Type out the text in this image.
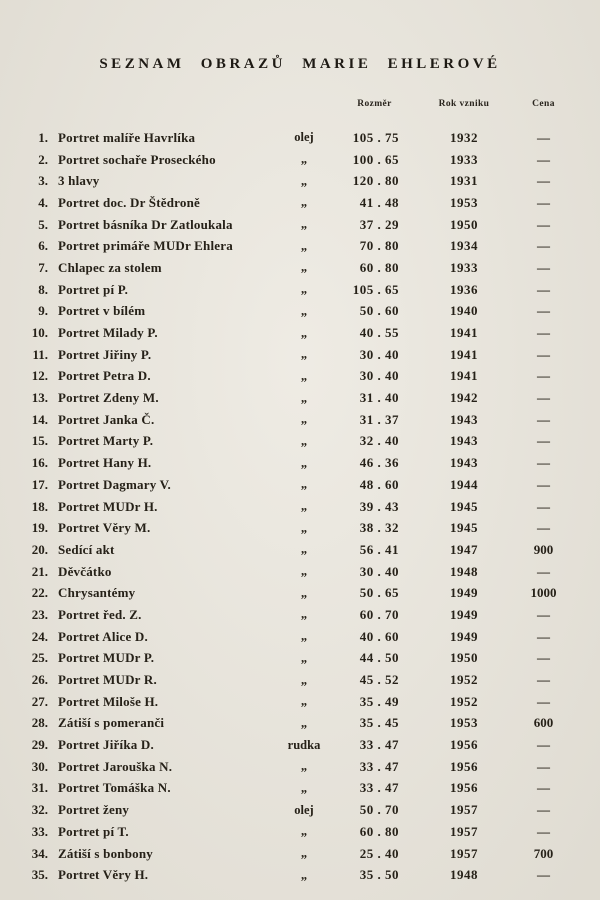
SEZNAM OBRAZŮ MARIE EHLEROVÉ
			Rozměr	Rok vzniku	Cena
1.	Portret malíře Havrlíka	olej	105 . 75	1932	—
2.	Portret sochaře Proseckého	„	100 . 65	1933	—
3.	3 hlavy	„	120 . 80	1931	—
4.	Portret doc. Dr Štědroně	„	41 . 48	1953	—
5.	Portret básníka Dr Zatloukala	„	37 . 29	1950	—
6.	Portret primáře MUDr Ehlera	„	70 . 80	1934	—
7.	Chlapec za stolem	„	60 . 80	1933	—
8.	Portret pí P.	„	105 . 65	1936	—
9.	Portret v bílém	„	50 . 60	1940	—
10.	Portret Milady P.	„	40 . 55	1941	—
11.	Portret Jiřiny P.	„	30 . 40	1941	—
12.	Portret Petra D.	„	30 . 40	1941	—
13.	Portret Zdeny M.	„	31 . 40	1942	—
14.	Portret Janka Č.	„	31 . 37	1943	—
15.	Portret Marty P.	„	32 . 40	1943	—
16.	Portret Hany H.	„	46 . 36	1943	—
17.	Portret Dagmary V.	„	48 . 60	1944	—
18.	Portret MUDr H.	„	39 . 43	1945	—
19.	Portret Věry M.	„	38 . 32	1945	—
20.	Sedící akt	„	56 . 41	1947	900
21.	Děvčátko	„	30 . 40	1948	—
22.	Chrysantémy	„	50 . 65	1949	1000
23.	Portret řed. Z.	„	60 . 70	1949	—
24.	Portret Alice D.	„	40 . 60	1949	—
25.	Portret MUDr P.	„	44 . 50	1950	—
26.	Portret MUDr R.	„	45 . 52	1952	—
27.	Portret Miloše H.	„	35 . 49	1952	—
28.	Zátiší s pomeranči	„	35 . 45	1953	600
29.	Portret Jiříka D.	rudka	33 . 47	1956	—
30.	Portret Jarouška N.	„	33 . 47	1956	—
31.	Portret Tomáška N.	„	33 . 47	1956	—
32.	Portret ženy	olej	50 . 70	1957	—
33.	Portret pí T.	„	60 . 80	1957	—
34.	Zátiší s bonbony	„	25 . 40	1957	700
35.	Portret Věry H.	„	35 . 50	1948	—
